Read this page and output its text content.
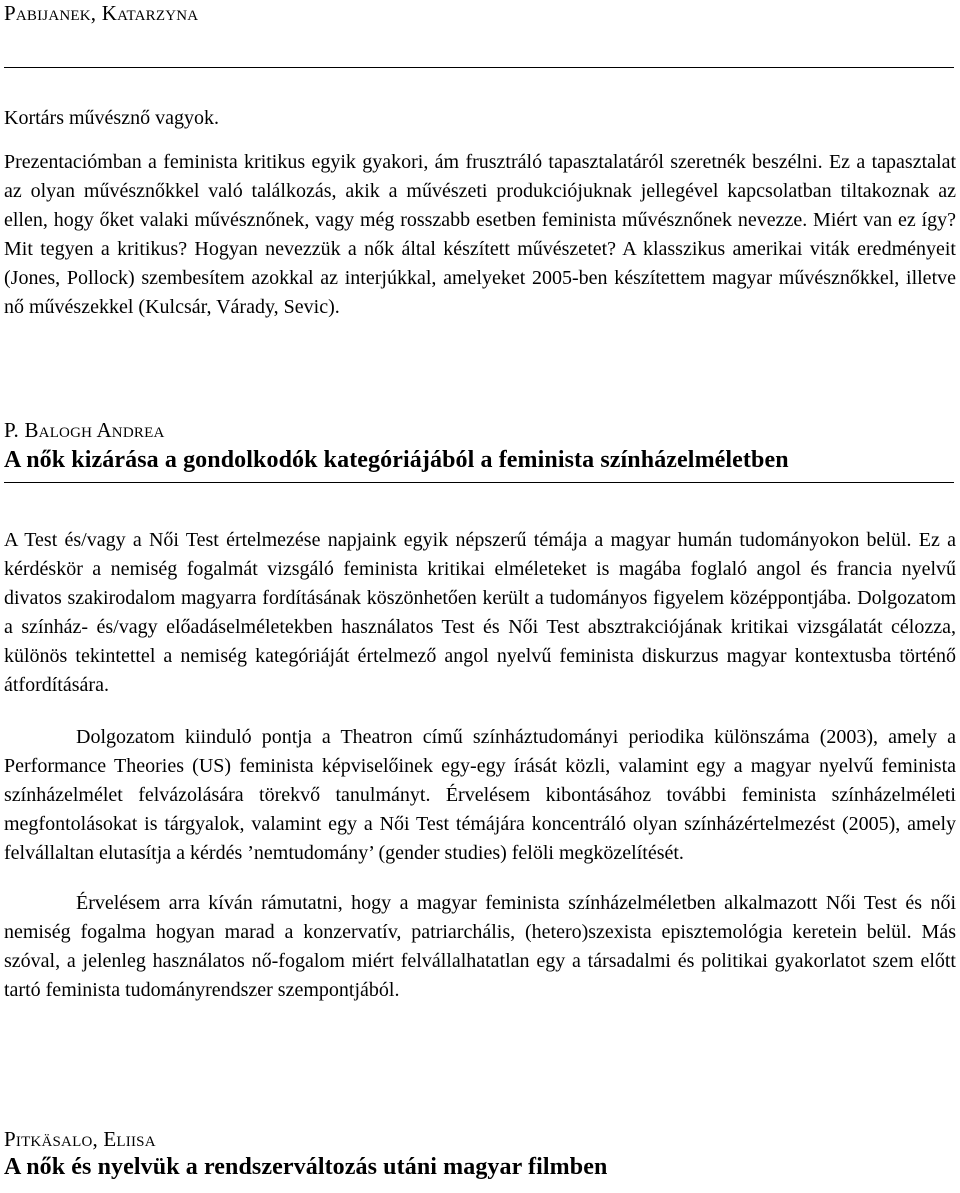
Pabijanek, Katarzyna

Kortárs művésznő vagyok.

Prezentaciómban a feminista kritikus egyik gyakori, ám frusztráló tapasztalatáról szeretnék beszélni. Ez a tapasztalat az olyan művésznőkkel való találkozás, akik a művészeti produkciójuknak jellegével kapcsolatban tiltakoznak az ellen, hogy őket valaki művésznőnek, vagy még rosszabb esetben feminista művésznőnek nevezze. Miért van ez így? Mit tegyen a kritikus? Hogyan nevezzük a nők által készített művészetet? A klasszikus amerikai viták eredményeit (Jones, Pollock) szembesítem azokkal az interjúkkal, amelyeket 2005-ben készítettem magyar művésznőkkel, illetve nő művészekkel (Kulcsár, Várady, Sevic).

P. Balogh Andrea
A nők kizárása a gondolkodók kategóriájából a feminista színházelméletben

A Test és/vagy a Női Test értelmezése napjaink egyik népszerű témája a magyar humán tudományokon belül. Ez a kérdéskör a nemiség fogalmát vizsgáló feminista kritikai elméleteket is magába foglaló angol és francia nyelvű divatos szakirodalom magyarra fordításának köszönhetően került a tudományos figyelem középpontjába. Dolgozatom a színház- és/vagy előadáselméletekben használatos Test és Női Test absztrakciójának kritikai vizsgálatát célozza, különös tekintettel a nemiség kategóriáját értelmező angol nyelvű feminista diskurzus magyar kontextusba történő átfordítására.

Dolgozatom kiinduló pontja a Theatron című színháztudományi periodika különszáma (2003), amely a Performance Theories (US) feminista képviselőinek egy-egy írását közli, valamint egy a magyar nyelvű feminista színházelmélet felvázolására törekvő tanulmányt. Érvelésem kibontásához további feminista színházelméleti megfontolásokat is tárgyalok, valamint egy a Női Test témájára koncentráló olyan színházértelmezést (2005), amely felvállaltan elutasítja a kérdés ’nemtudomány’ (gender studies) felöli megközelítését.

Érvelésem arra kíván rámutatni, hogy a magyar feminista színházelméletben alkalmazott Női Test és női nemiség fogalma hogyan marad a konzervatív, patriarchális, (hetero)szexista episztemológia keretein belül. Más szóval, a jelenleg használatos nő-fogalom miért felvállalhatatlan egy a társadalmi és politikai gyakorlatot szem előtt tartó feminista tudományrendszer szempontjából.

Pitkäsalo, Eliisa
A nők és nyelvük a rendszerváltozás utáni magyar filmben
